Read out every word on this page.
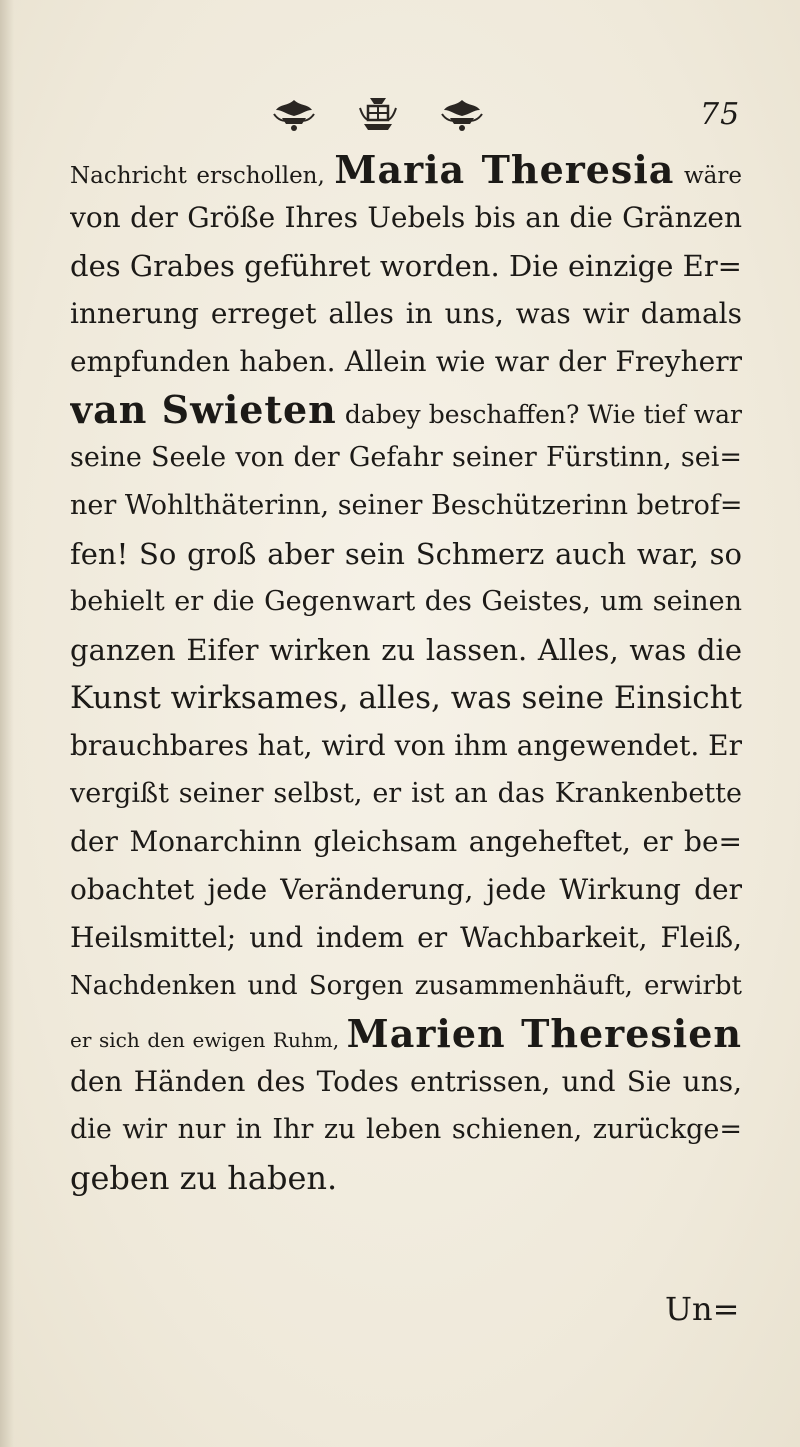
75
Nachricht erschollen, Maria Theresia wäre
von der Größe Ihres Uebels bis an die Gränzen
des Grabes geführet worden. Die einzige Er=
innerung erreget alles in uns, was wir damals
empfunden haben. Allein wie war der Freyherr
van Swieten dabey beschaffen? Wie tief war
seine Seele von der Gefahr seiner Fürstinn, sei=
ner Wohlthäterinn, seiner Beschützerinn betrof=
fen! So groß aber sein Schmerz auch war, so
behielt er die Gegenwart des Geistes, um seinen
ganzen Eifer wirken zu lassen. Alles, was die
Kunst wirksames, alles, was seine Einsicht
brauchbares hat, wird von ihm angewendet. Er
vergißt seiner selbst, er ist an das Krankenbette
der Monarchinn gleichsam angeheftet, er be=
obachtet jede Veränderung, jede Wirkung der
Heilsmittel; und indem er Wachbarkeit, Fleiß,
Nachdenken und Sorgen zusammenhäuft, erwirbt
er sich den ewigen Ruhm, Marien Theresien
den Händen des Todes entrissen, und Sie uns,
die wir nur in Ihr zu leben schienen, zurückge=
geben zu haben.
Un=
